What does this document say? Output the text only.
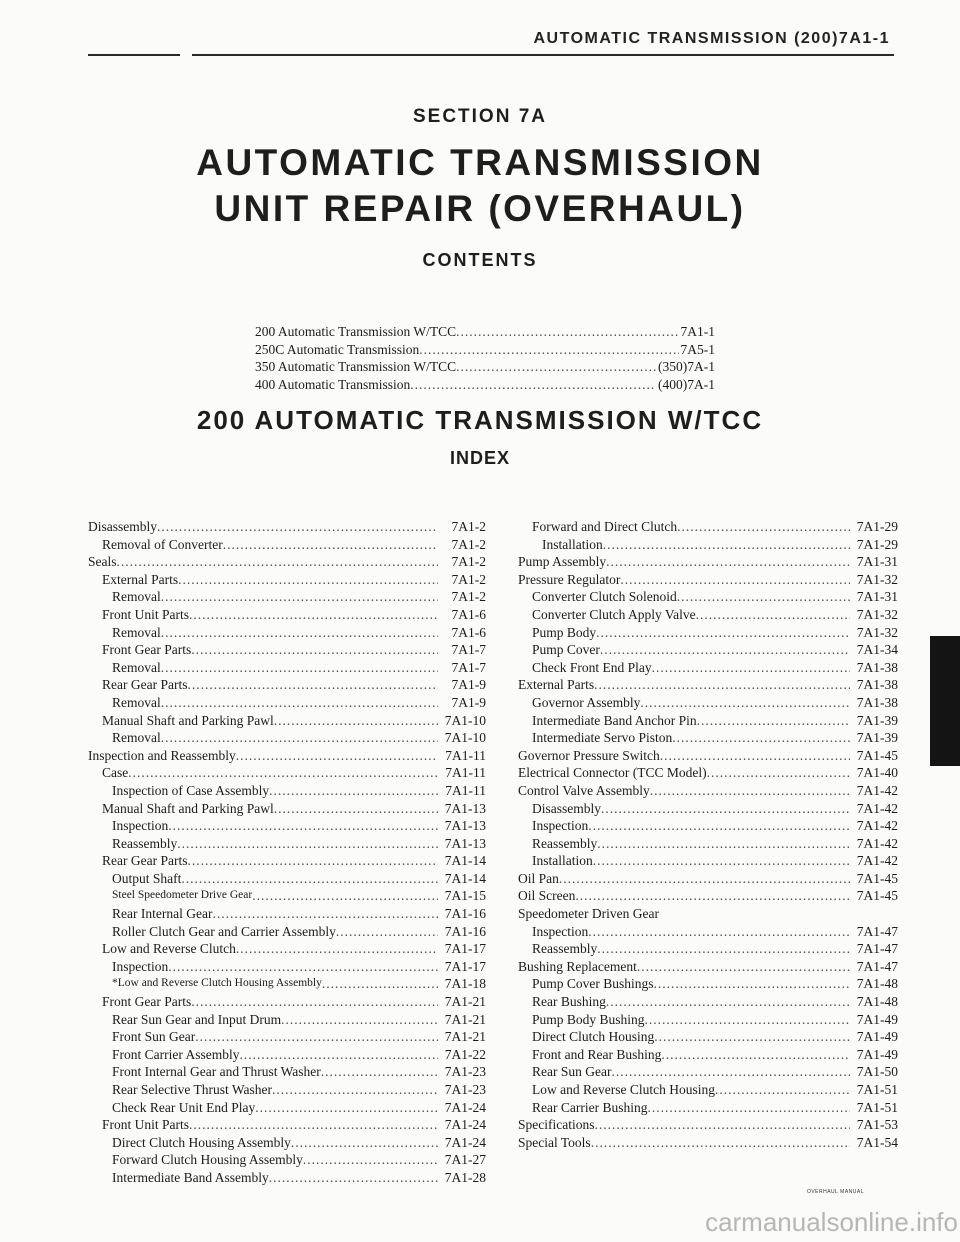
AUTOMATIC TRANSMISSION (200)7A1-1
SECTION 7A
AUTOMATIC TRANSMISSION
UNIT REPAIR (OVERHAUL)
CONTENTS
200 Automatic Transmission W/TCC .....	7A1-1
250C Automatic Transmission .....	7A5-1
350 Automatic Transmission W/TCC .....	(350)7A-1
400 Automatic Transmission .....	(400)7A-1
200 AUTOMATIC TRANSMISSION W/TCC
INDEX
Disassembly .....	7A1-2
Removal of Converter .....	7A1-2
Seals .....	7A1-2
External Parts .....	7A1-2
Removal .....	7A1-2
Front Unit Parts .....	7A1-6
Removal .....	7A1-6
Front Gear Parts .....	7A1-7
Removal .....	7A1-7
Rear Gear Parts .....	7A1-9
Removal .....	7A1-9
Manual Shaft and Parking Pawl .....	7A1-10
Removal .....	7A1-10
Inspection and Reassembly .....	7A1-11
Case .....	7A1-11
Inspection of Case Assembly .....	7A1-11
Manual Shaft and Parking Pawl .....	7A1-13
Inspection .....	7A1-13
Reassembly .....	7A1-13
Rear Gear Parts .....	7A1-14
Output Shaft .....	7A1-14
Steel Speedometer Drive Gear .....	7A1-15
Rear Internal Gear .....	7A1-16
Roller Clutch Gear and Carrier Assembly .....	7A1-16
Low and Reverse Clutch .....	7A1-17
Inspection .....	7A1-17
*Low and Reverse Clutch Housing Assembly .....	7A1-18
Front Gear Parts .....	7A1-21
Rear Sun Gear and Input Drum .....	7A1-21
Front Sun Gear .....	7A1-21
Front Carrier Assembly .....	7A1-22
Front Internal Gear and Thrust Washer .....	7A1-23
Rear Selective Thrust Washer .....	7A1-23
Check Rear Unit End Play .....	7A1-24
Front Unit Parts .....	7A1-24
Direct Clutch Housing Assembly .....	7A1-24
Forward Clutch Housing Assembly .....	7A1-27
Intermediate Band Assembly .....	7A1-28
Forward and Direct Clutch .....	7A1-29
Installation .....	7A1-29
Pump Assembly .....	7A1-31
Pressure Regulator .....	7A1-32
Converter Clutch Solenoid .....	7A1-31
Converter Clutch Apply Valve .....	7A1-32
Pump Body .....	7A1-32
Pump Cover .....	7A1-34
Check Front End Play .....	7A1-38
External Parts .....	7A1-38
Governor Assembly .....	7A1-38
Intermediate Band Anchor Pin .....	7A1-39
Intermediate Servo Piston .....	7A1-39
Governor Pressure Switch .....	7A1-45
Electrical Connector (TCC Model) .....	7A1-40
Control Valve Assembly .....	7A1-42
Disassembly .....	7A1-42
Inspection .....	7A1-42
Reassembly .....	7A1-42
Installation .....	7A1-42
Oil Pan .....	7A1-45
Oil Screen .....	7A1-45
Speedometer Driven Gear
Inspection .....	7A1-47
Reassembly .....	7A1-47
Bushing Replacement .....	7A1-47
Pump Cover Bushings .....	7A1-48
Rear Bushing .....	7A1-48
Pump Body Bushing .....	7A1-49
Direct Clutch Housing .....	7A1-49
Front and Rear Bushing .....	7A1-49
Rear Sun Gear .....	7A1-50
Low and Reverse Clutch Housing .....	7A1-51
Rear Carrier Bushing .....	7A1-51
Specifications .....	7A1-53
Special Tools .....	7A1-54
OVERHAUL MANUAL
carmanualsonline.info
